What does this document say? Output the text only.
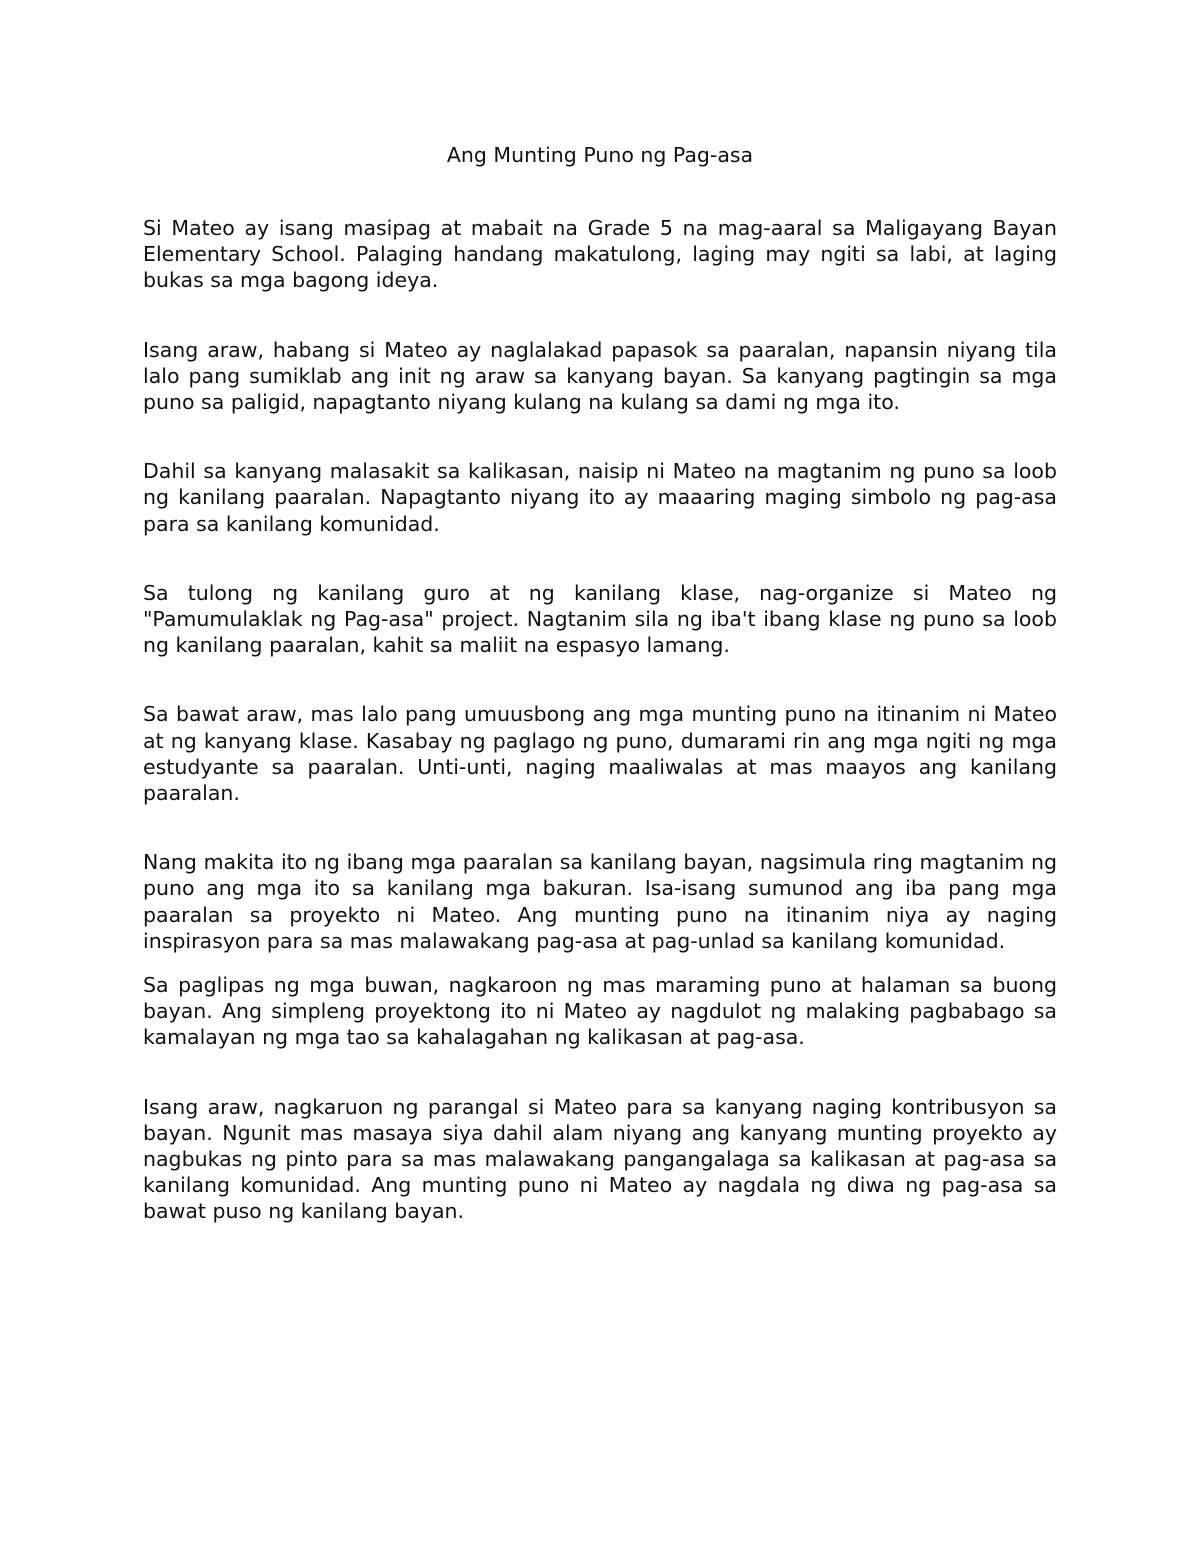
Ang Munting Puno ng Pag-asa

Si Mateo ay isang masipag at mabait na Grade 5 na mag-aaral sa Maligayang Bayan Elementary School. Palaging handang makatulong, laging may ngiti sa labi, at laging bukas sa mga bagong ideya.

Isang araw, habang si Mateo ay naglalakad papasok sa paaralan, napansin niyang tila lalo pang sumiklab ang init ng araw sa kanyang bayan. Sa kanyang pagtingin sa mga puno sa paligid, napagtanto niyang kulang na kulang sa dami ng mga ito.

Dahil sa kanyang malasakit sa kalikasan, naisip ni Mateo na magtanim ng puno sa loob ng kanilang paaralan. Napagtanto niyang ito ay maaaring maging simbolo ng pag-asa para sa kanilang komunidad.

Sa tulong ng kanilang guro at ng kanilang klase, nag-organize si Mateo ng "Pamumulaklak ng Pag-asa" project. Nagtanim sila ng iba't ibang klase ng puno sa loob ng kanilang paaralan, kahit sa maliit na espasyo lamang.

Sa bawat araw, mas lalo pang umuusbong ang mga munting puno na itinanim ni Mateo at ng kanyang klase. Kasabay ng paglago ng puno, dumarami rin ang mga ngiti ng mga estudyante sa paaralan. Unti-unti, naging maaliwalas at mas maayos ang kanilang paaralan.

Nang makita ito ng ibang mga paaralan sa kanilang bayan, nagsimula ring magtanim ng puno ang mga ito sa kanilang mga bakuran. Isa-isang sumunod ang iba pang mga paaralan sa proyekto ni Mateo. Ang munting puno na itinanim niya ay naging inspirasyon para sa mas malawakang pag-asa at pag-unlad sa kanilang komunidad.

Sa paglipas ng mga buwan, nagkaroon ng mas maraming puno at halaman sa buong bayan. Ang simpleng proyektong ito ni Mateo ay nagdulot ng malaking pagbabago sa kamalayan ng mga tao sa kahalagahan ng kalikasan at pag-asa.

Isang araw, nagkaruon ng parangal si Mateo para sa kanyang naging kontribusyon sa bayan. Ngunit mas masaya siya dahil alam niyang ang kanyang munting proyekto ay nagbukas ng pinto para sa mas malawakang pangangalaga sa kalikasan at pag-asa sa kanilang komunidad. Ang munting puno ni Mateo ay nagdala ng diwa ng pag-asa sa bawat puso ng kanilang bayan.
